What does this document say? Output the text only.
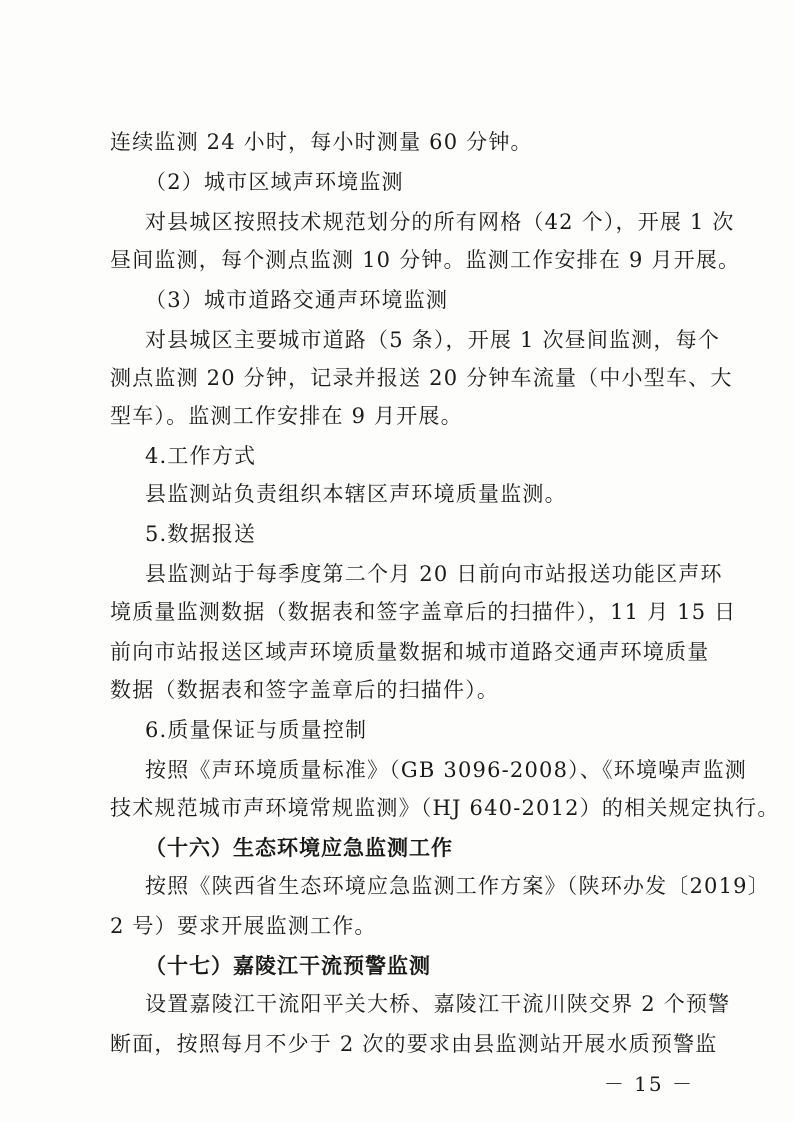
连续监测 24 小时，每小时测量 60 分钟。
（2）城市区域声环境监测
对县城区按照技术规范划分的所有网格（42 个），开展 1 次
昼间监测，每个测点监测 10 分钟。监测工作安排在 9 月开展。
（3）城市道路交通声环境监测
对县城区主要城市道路（5 条），开展 1 次昼间监测，每个
测点监测 20 分钟，记录并报送 20 分钟车流量（中小型车、大
型车）。监测工作安排在 9 月开展。
4.工作方式
县监测站负责组织本辖区声环境质量监测。
5.数据报送
县监测站于每季度第二个月 20 日前向市站报送功能区声环
境质量监测数据（数据表和签字盖章后的扫描件），11 月 15 日
前向市站报送区域声环境质量数据和城市道路交通声环境质量
数据（数据表和签字盖章后的扫描件）。
6.质量保证与质量控制
按照《声环境质量标准》（GB 3096-2008）、《环境噪声监测
技术规范城市声环境常规监测》（HJ 640-2012）的相关规定执行。
（十六）生态环境应急监测工作
按照《陕西省生态环境应急监测工作方案》（陕环办发〔2019〕
2 号）要求开展监测工作。
（十七）嘉陵江干流预警监测
设置嘉陵江干流阳平关大桥、嘉陵江干流川陕交界 2 个预警
断面，按照每月不少于 2 次的要求由县监测站开展水质预警监
－ 15 －
